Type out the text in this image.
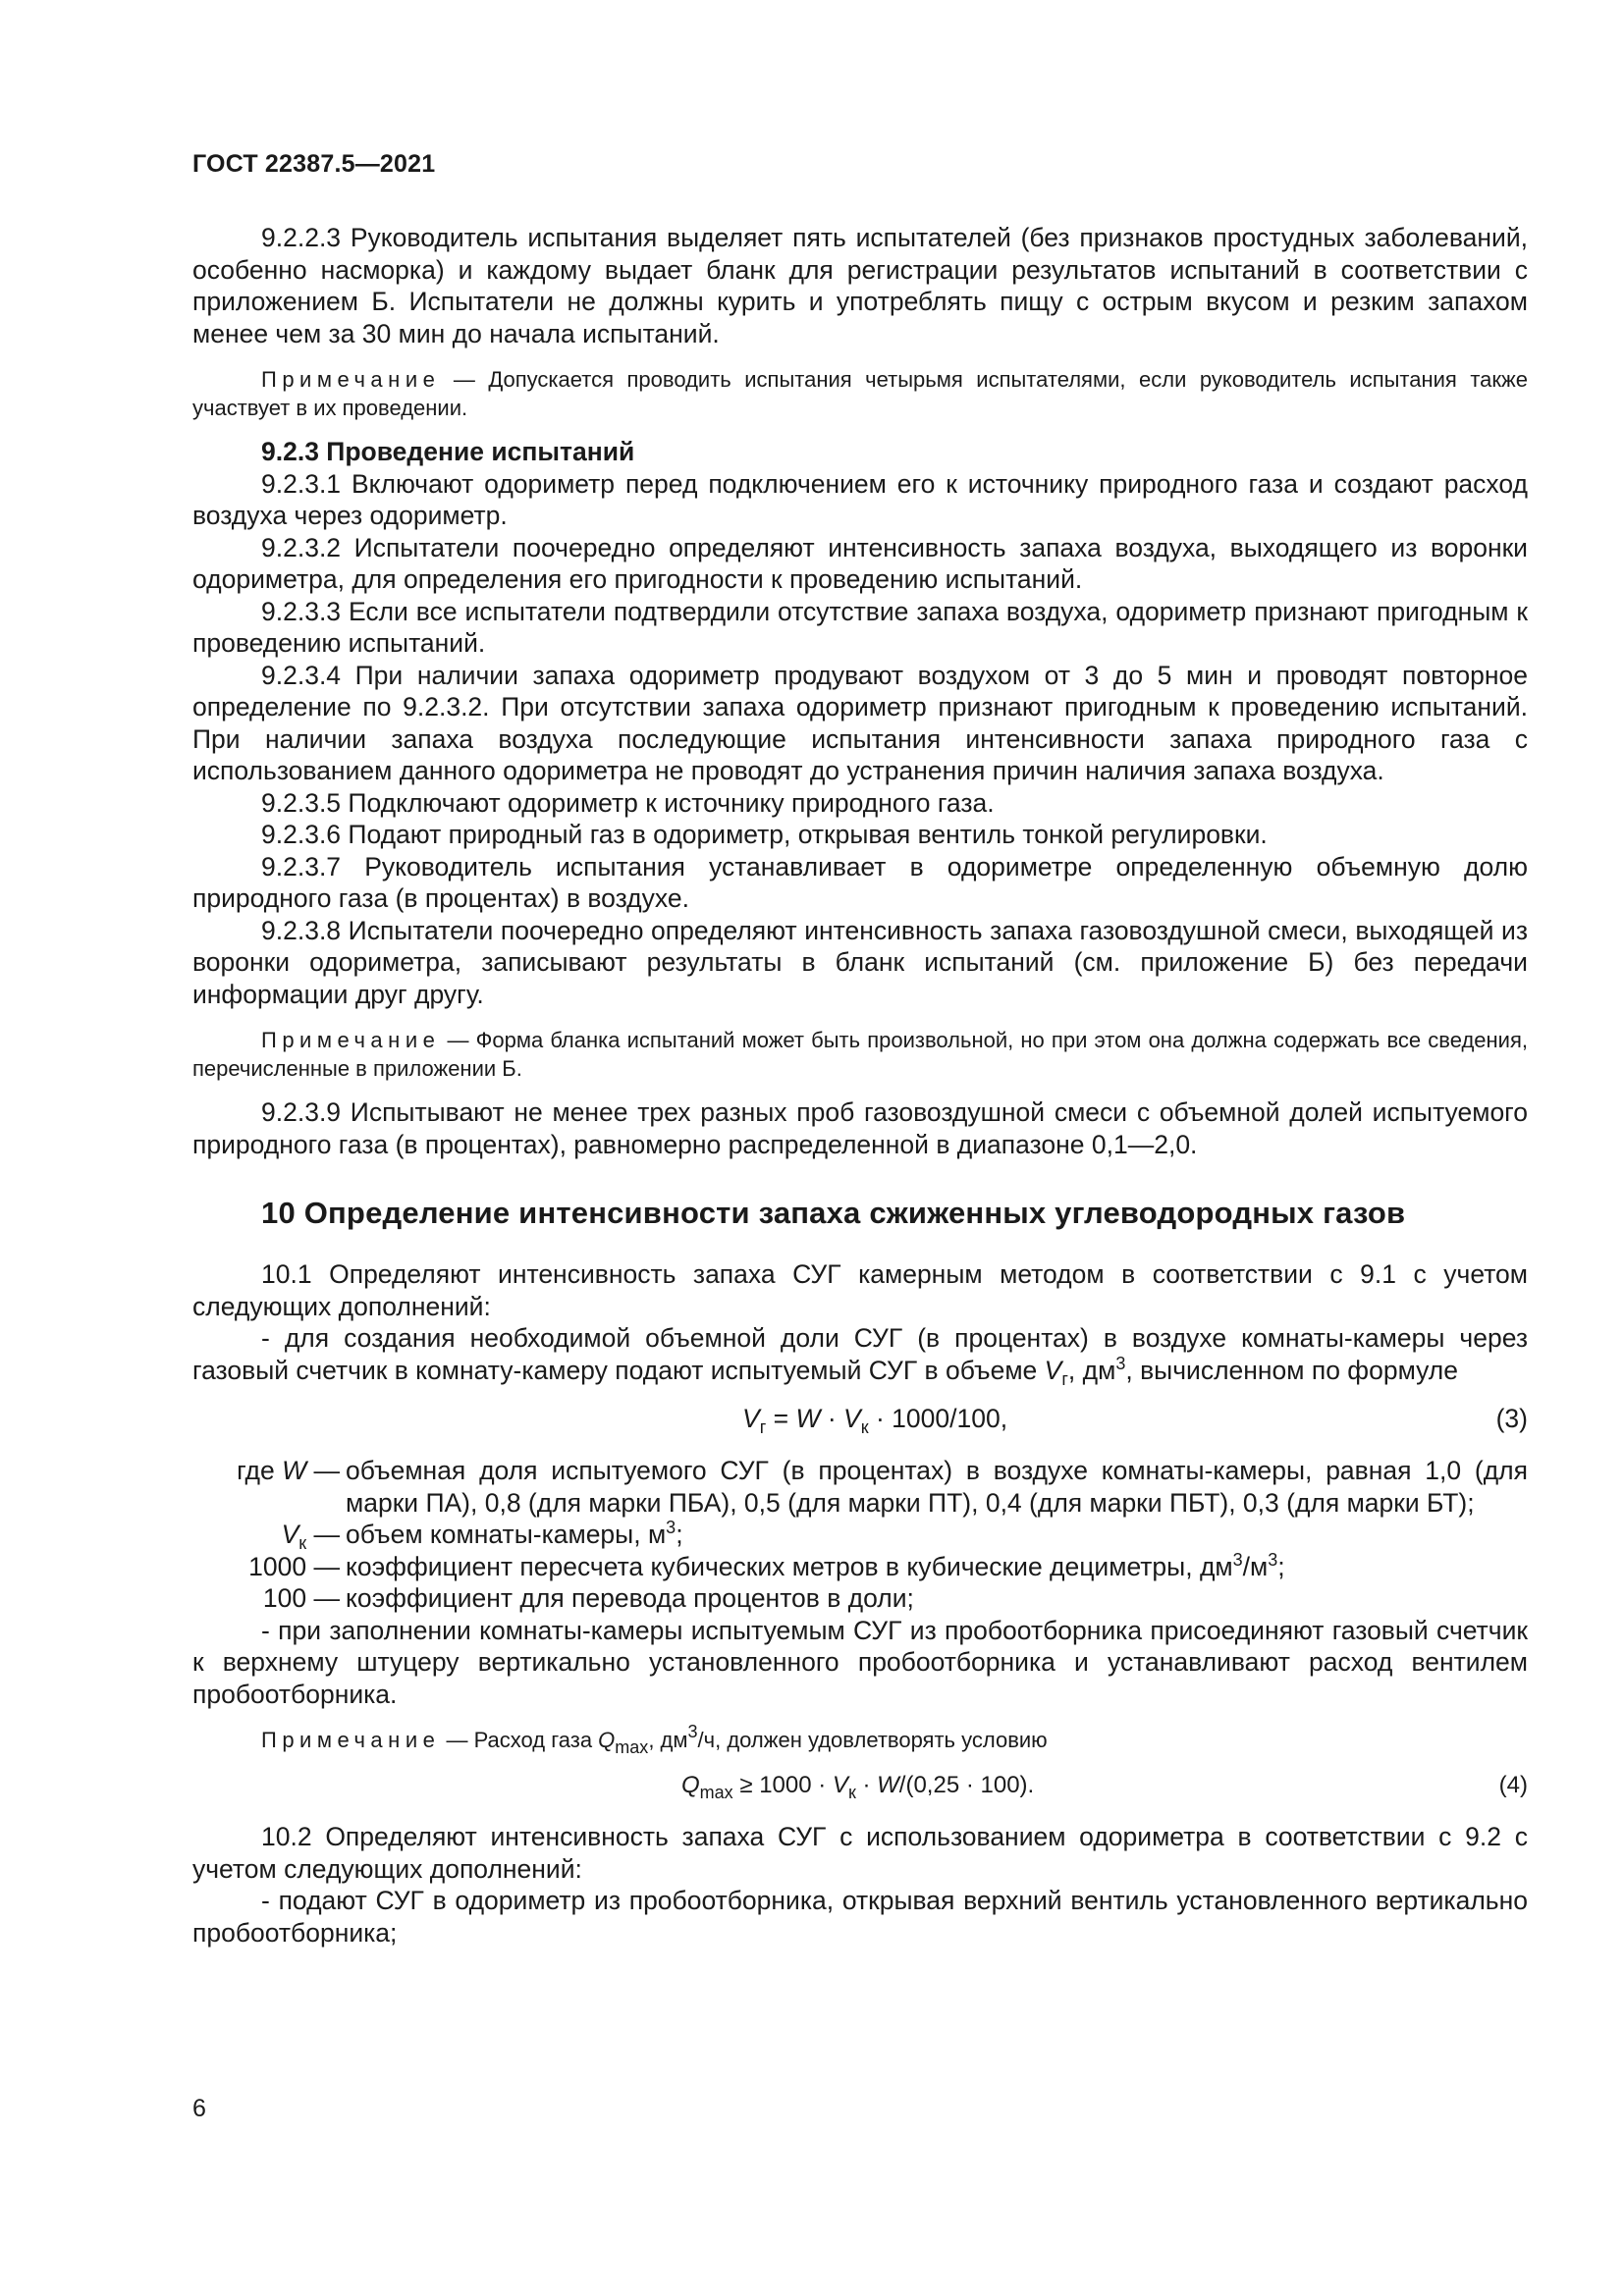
ГОСТ 22387.5—2021

9.2.2.3 Руководитель испытания выделяет пять испытателей (без признаков простудных заболеваний, особенно насморка) и каждому выдает бланк для регистрации результатов испытаний в соответствии с приложением Б. Испытатели не должны курить и употреблять пищу с острым вкусом и резким запахом менее чем за 30 мин до начала испытаний.

Примечание — Допускается проводить испытания четырьмя испытателями, если руководитель испытания также участвует в их проведении.

9.2.3 Проведение испытаний

9.2.3.1 Включают одориметр перед подключением его к источнику природного газа и создают расход воздуха через одориметр.

9.2.3.2 Испытатели поочередно определяют интенсивность запаха воздуха, выходящего из воронки одориметра, для определения его пригодности к проведению испытаний.

9.2.3.3 Если все испытатели подтвердили отсутствие запаха воздуха, одориметр признают пригодным к проведению испытаний.

9.2.3.4 При наличии запаха одориметр продувают воздухом от 3 до 5 мин и проводят повторное определение по 9.2.3.2. При отсутствии запаха одориметр признают пригодным к проведению испытаний. При наличии запаха воздуха последующие испытания интенсивности запаха природного газа с использованием данного одориметра не проводят до устранения причин наличия запаха воздуха.

9.2.3.5 Подключают одориметр к источнику природного газа.

9.2.3.6 Подают природный газ в одориметр, открывая вентиль тонкой регулировки.

9.2.3.7 Руководитель испытания устанавливает в одориметре определенную объемную долю природного газа (в процентах) в воздухе.

9.2.3.8 Испытатели поочередно определяют интенсивность запаха газовоздушной смеси, выходящей из воронки одориметра, записывают результаты в бланк испытаний (см. приложение Б) без передачи информации друг другу.

Примечание — Форма бланка испытаний может быть произвольной, но при этом она должна содержать все сведения, перечисленные в приложении Б.

9.2.3.9 Испытывают не менее трех разных проб газовоздушной смеси с объемной долей испытуемого природного газа (в процентах), равномерно распределенной в диапазоне 0,1—2,0.

10 Определение интенсивности запаха сжиженных углеводородных газов

10.1 Определяют интенсивность запаха СУГ камерным методом в соответствии с 9.1 с учетом следующих дополнений:

- для создания необходимой объемной доли СУГ (в процентах) в воздухе комнаты-камеры через газовый счетчик в комнату-камеру подают испытуемый СУГ в объеме $V_г$, $дм^3$, вычисленном по формуле

$V_г = W \cdot V_к \cdot 1000/100$,	(3)
где W — объемная доля испытуемого СУГ (в процентах) в воздухе комнаты-камеры, равная 1,0 (для марки ПА), 0,8 (для марки ПБА), 0,5 (для марки ПТ), 0,4 (для марки ПБТ), 0,3 (для марки БТ);
$V_к$ — объем комнаты-камеры, $м^3$;
1000 — коэффициент пересчета кубических метров в кубические дециметры, $дм^3/м^3$;
100 — коэффициент для перевода процентов в доли;

- при заполнении комнаты-камеры испытуемым СУГ из пробоотборника присоединяют газовый счетчик к верхнему штуцеру вертикально установленного пробоотборника и устанавливают расход вентилем пробоотборника.

Примечание — Расход газа $Q_{max}$, $дм^3/ч$, должен удовлетворять условию

$Q_{max} \ge 1000 \cdot V_к \cdot W/(0,25 \cdot 100)$.	(4)

10.2 Определяют интенсивность запаха СУГ с использованием одориметра в соответствии с 9.2 с учетом следующих дополнений:

- подают СУГ в одориметр из пробоотборника, открывая верхний вентиль установленного вертикально пробоотборника;

6
